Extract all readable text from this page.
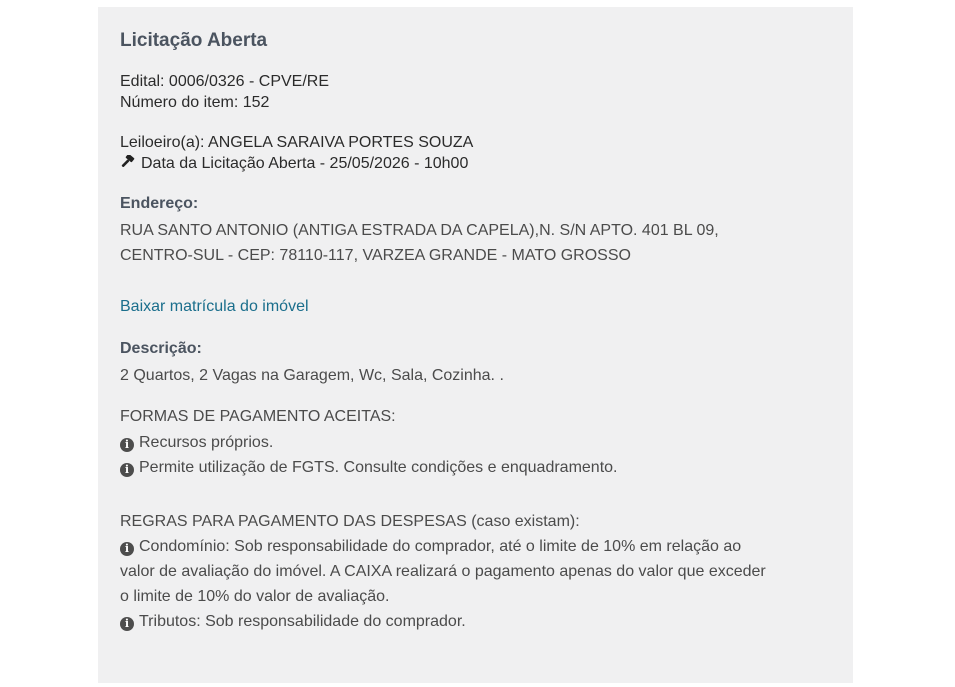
Licitação Aberta
Edital: 0006/0326 - CPVE/RE
Número do item: 152
Leiloeiro(a): ANGELA SARAIVA PORTES SOUZA
Data da Licitação Aberta - 25/05/2026 - 10h00
Endereço:
RUA SANTO ANTONIO (ANTIGA ESTRADA DA CAPELA),N. S/N APTO. 401 BL 09,
CENTRO-SUL - CEP: 78110-117, VARZEA GRANDE - MATO GROSSO
Baixar matrícula do imóvel
Descrição:
2 Quartos, 2 Vagas na Garagem, Wc, Sala, Cozinha. .
FORMAS DE PAGAMENTO ACEITAS:
i Recursos próprios.
i Permite utilização de FGTS. Consulte condições e enquadramento.
REGRAS PARA PAGAMENTO DAS DESPESAS (caso existam):
i Condomínio: Sob responsabilidade do comprador, até o limite de 10% em relação ao
valor de avaliação do imóvel. A CAIXA realizará o pagamento apenas do valor que exceder
o limite de 10% do valor de avaliação.
i Tributos: Sob responsabilidade do comprador.
